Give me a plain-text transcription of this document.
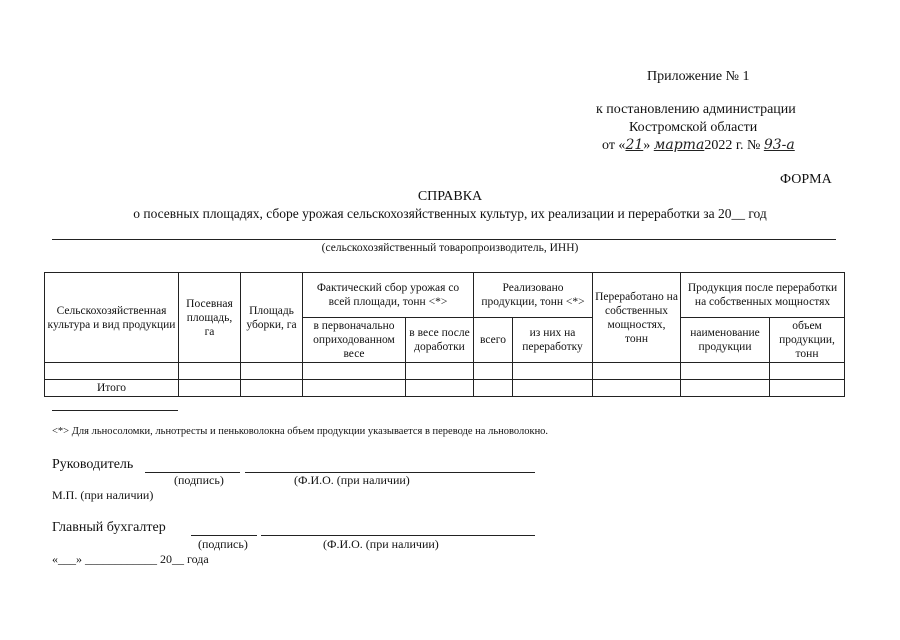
Приложение № 1
к постановлению администрации
Костромской области
от «21» марта2022 г. № 93-а
ФОРМА
СПРАВКА
о посевных площадях, сборе урожая сельскохозяйственных культур, их реализации и переработки за 20__ год
(сельскохозяйственный товаропроизводитель, ИНН)
Сельскохозяйственная культура и вид продукции	Посевная площадь, га	Площадь уборки, га	Фактический сбор урожая со всей площади, тонн <*>		Реализовано продукции, тонн <*>		Переработано на собственных мощностях, тонн	Продукция после переработки на собственных мощностях	
			в первоначально оприходованном весе	в весе после доработки	всего	из них на переработку		наименование продукции	объем продукции, тонн

Итого									
<*> Для льносоломки, льнотресты и пеньковолокна объем продукции указывается в переводе на льноволокно.
Руководитель
(подпись)	(Ф.И.О. (при наличии)
М.П. (при наличии)
Главный бухгалтер
(подпись)	(Ф.И.О. (при наличии)
«___» ____________ 20__ года
